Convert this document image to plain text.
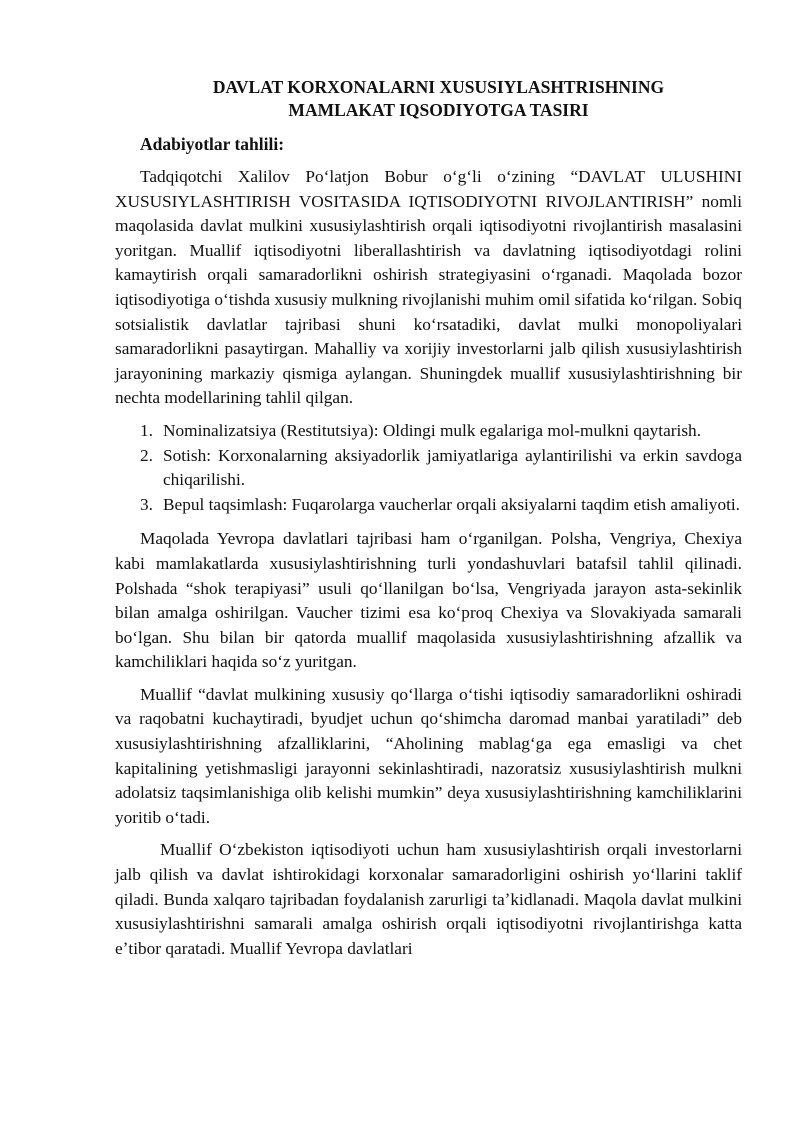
DAVLAT KORXONALARNI XUSUSIYLASHTRISHNING
MAMLAKAT IQSODIYOTGA TASIRI
Adabiyotlar tahlili:

Tadqiqotchi Xalilov Poʻlatjon Bobur oʻgʻli oʻzining “DAVLAT ULUSHINI XUSUSIYLASHTIRISH VOSITASIDA IQTISODIYOTNI RIVOJLANTIRISH” nomli maqolasida davlat mulkini xususiylashtirish orqali iqtisodiyotni rivojlantirish masalasini yoritgan. Muallif iqtisodiyotni liberallashtirish va davlatning iqtisodiyotdagi rolini kamaytirish orqali samaradorlikni oshirish strategiyasini oʻrganadi. Maqolada bozor iqtisodiyotiga oʻtishda xususiy mulkning rivojlanishi muhim omil sifatida koʻrilgan. Sobiq sotsialistik davlatlar tajribasi shuni koʻrsatadiki, davlat mulki monopoliyalari samaradorlikni pasaytirgan. Mahalliy va xorijiy investorlarni jalb qilish xususiylashtirish jarayonining markaziy qismiga aylangan. Shuningdek muallif xususiylashtirishning bir nechta modellarining tahlil qilgan.

1. Nominalizatsiya (Restitutsiya): Oldingi mulk egalariga mol-mulkni qaytarish.
2. Sotish: Korxonalarning aksiyadorlik jamiyatlariga aylantirilishi va erkin savdoga chiqarilishi.
3. Bepul taqsimlash: Fuqarolarga vaucherlar orqali aksiyalarni taqdim etish amaliyoti.

Maqolada Yevropa davlatlari tajribasi ham oʻrganilgan. Polsha, Vengriya, Chexiya kabi mamlakatlarda xususiylashtirishning turli yondashuvlari batafsil tahlil qilinadi. Polshada “shok terapiyasi” usuli qoʻllanilgan boʻlsa, Vengriyada jarayon asta-sekinlik bilan amalga oshirilgan. Vaucher tizimi esa koʻproq Chexiya va Slovakiyada samarali boʻlgan. Shu bilan bir qatorda muallif maqolasida xususiylashtirishning afzallik va kamchiliklari haqida soʻz yuritgan.

Muallif “davlat mulkining xususiy qoʻllarga oʻtishi iqtisodiy samaradorlikni oshiradi va raqobatni kuchaytiradi, byudjet uchun qoʻshimcha daromad manbai yaratiladi” deb xususiylashtirishning afzalliklarini, “Aholining mablagʻga ega emasligi va chet kapitalining yetishmasligi jarayonni sekinlashtiradi, nazoratsiz xususiylashtirish mulkni adolatsiz taqsimlanishiga olib kelishi mumkin” deya xususiylashtirishning kamchiliklarini yoritib oʻtadi.

Muallif Oʻzbekiston iqtisodiyoti uchun ham xususiylashtirish orqali investorlarni jalb qilish va davlat ishtirokidagi korxonalar samaradorligini oshirish yoʻllarini taklif qiladi. Bunda xalqaro tajribadan foydalanish zarurligi taʼkidlanadi. Maqola davlat mulkini xususiylashtirishni samarali amalga oshirish orqali iqtisodiyotni rivojlantirishga katta eʼtibor qaratadi. Muallif Yevropa davlatlari
